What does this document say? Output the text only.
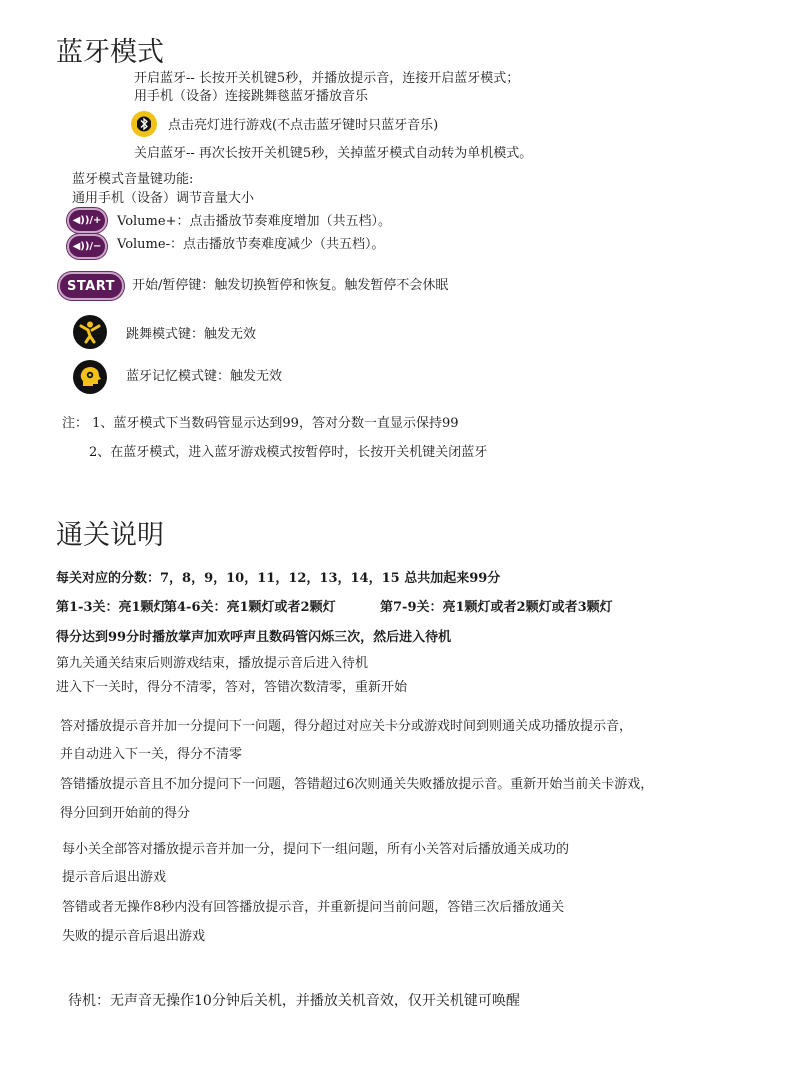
蓝牙模式
开启蓝牙-- 长按开关机键5秒，并播放提示音，连接开启蓝牙模式；
用手机（设备）连接跳舞毯蓝牙播放音乐
点击亮灯进行游戏(不点击蓝牙键时只蓝牙音乐)
关启蓝牙-- 再次长按开关机键5秒，关掉蓝牙模式自动转为单机模式。
蓝牙模式音量键功能:
通用手机（设备）调节音量大小
◀))/+	Volume+：点击播放节奏难度增加（共五档）。
◀))/−	Volume-：点击播放节奏难度减少（共五档）。
START	开始/暂停键：触发切换暂停和恢复。触发暂停不会休眠
跳舞模式键：触发无效
蓝牙记忆模式键：触发无效
注： 1、蓝牙模式下当数码管显示达到99，答对分数一直显示保持99
2、在蓝牙模式，进入蓝牙游戏模式按暂停时，长按开关机键关闭蓝牙
通关说明
每关对应的分数：7，8，9，10，11，12，13，14，15 总共加起来99分
第1-3关：亮1颗灯
第4-6关：亮1颗灯或者2颗灯	第7-9关：亮1颗灯或者2颗灯或者3颗灯
得分达到99分时播放掌声加欢呼声且数码管闪烁三次，然后进入待机
第九关通关结束后则游戏结束，播放提示音后进入待机
进入下一关时，得分不清零，答对，答错次数清零，重新开始
答对播放提示音并加一分提问下一问题，得分超过对应关卡分或游戏时间到则通关成功播放提示音，
并自动进入下一关，得分不清零
答错播放提示音且不加分提问下一问题，答错超过6次则通关失败播放提示音。重新开始当前关卡游戏，
得分回到开始前的得分
每小关全部答对播放提示音并加一分，提问下一组问题，所有小关答对后播放通关成功的
提示音后退出游戏
答错或者无操作8秒内没有回答播放提示音，并重新提问当前问题，答错三次后播放通关
失败的提示音后退出游戏
待机：无声音无操作10分钟后关机，并播放关机音效，仅开关机键可唤醒
